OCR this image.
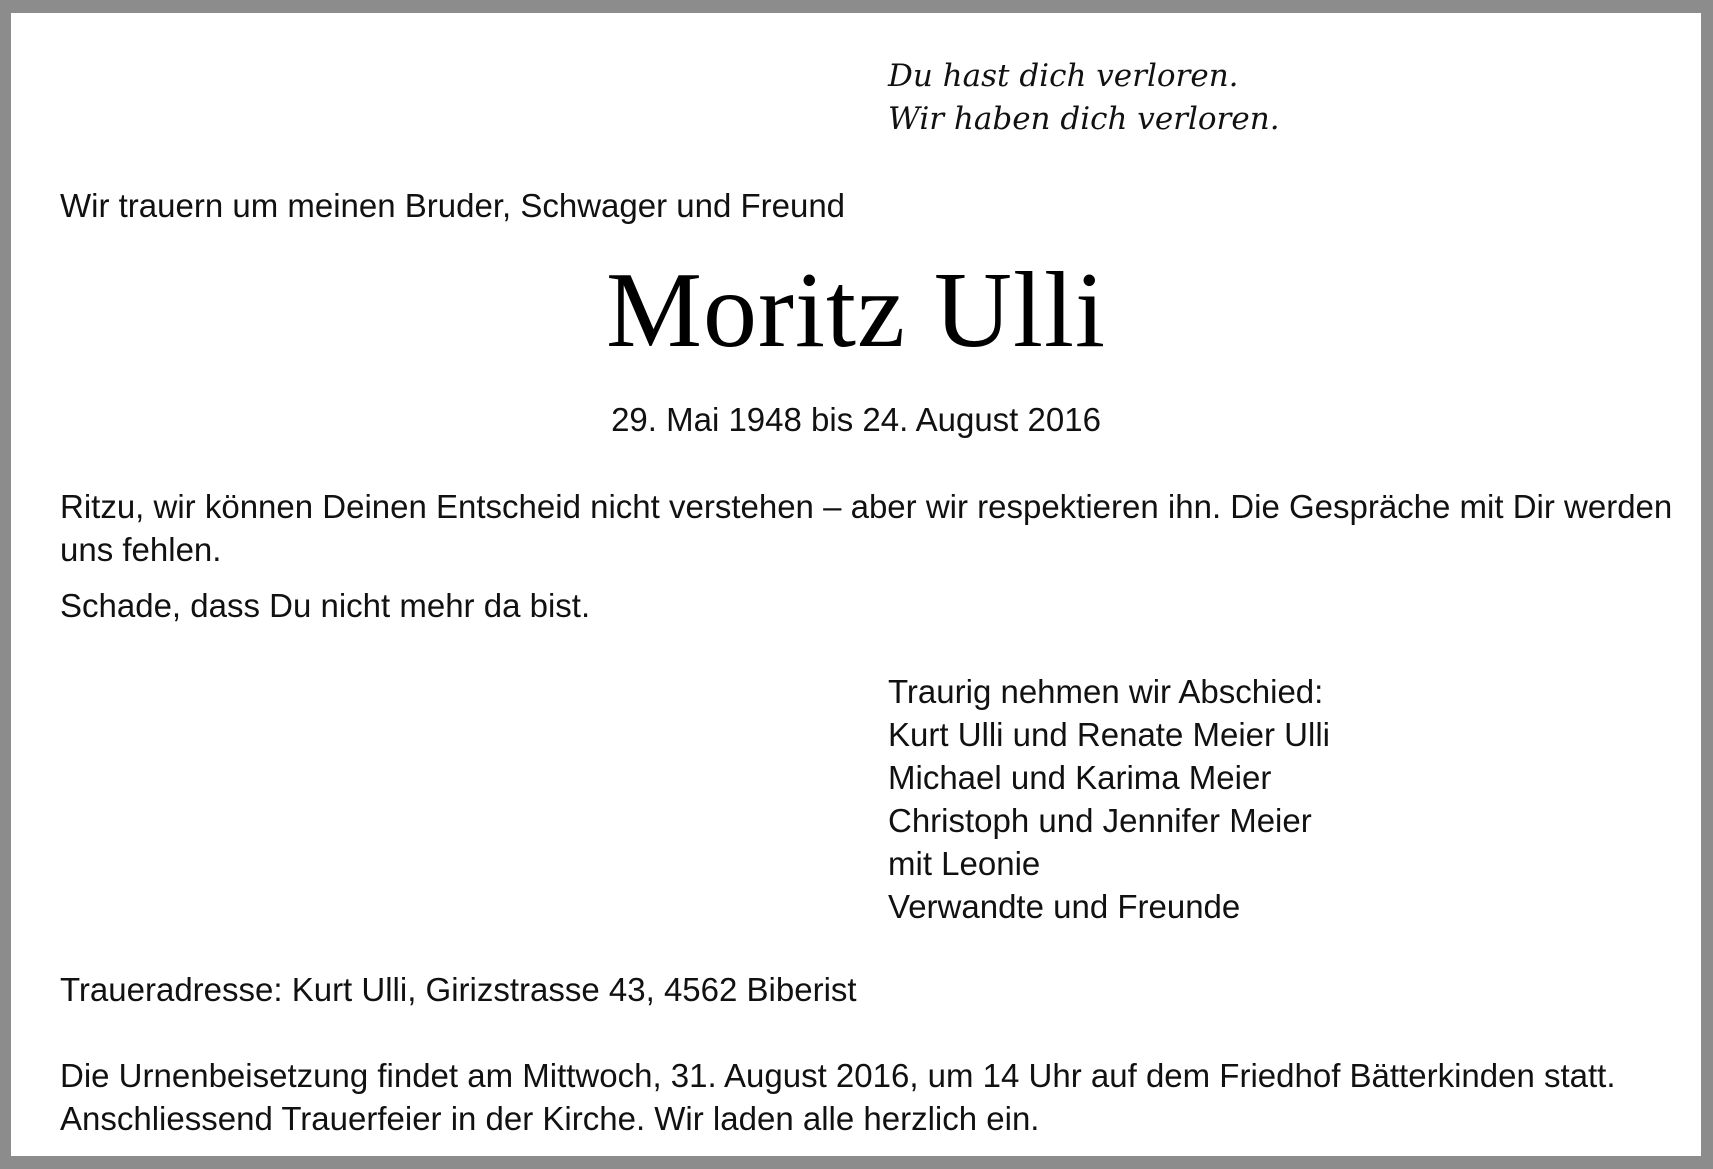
Du hast dich verloren.
Wir haben dich verloren.
Wir trauern um meinen Bruder, Schwager und Freund
Moritz Ulli
29. Mai 1948 bis 24. August 2016
Ritzu, wir können Deinen Entscheid nicht verstehen – aber wir respektieren ihn. Die Gespräche mit Dir werden uns fehlen.
Schade, dass Du nicht mehr da bist.
Traurig nehmen wir Abschied:
Kurt Ulli und Renate Meier Ulli
Michael und Karima Meier
Christoph und Jennifer Meier
mit Leonie
Verwandte und Freunde
Traueradresse: Kurt Ulli, Girizstrasse 43, 4562 Biberist
Die Urnenbeisetzung findet am Mittwoch, 31. August 2016, um 14 Uhr auf dem Friedhof Bätterkinden statt.
Anschliessend Trauerfeier in der Kirche. Wir laden alle herzlich ein.
